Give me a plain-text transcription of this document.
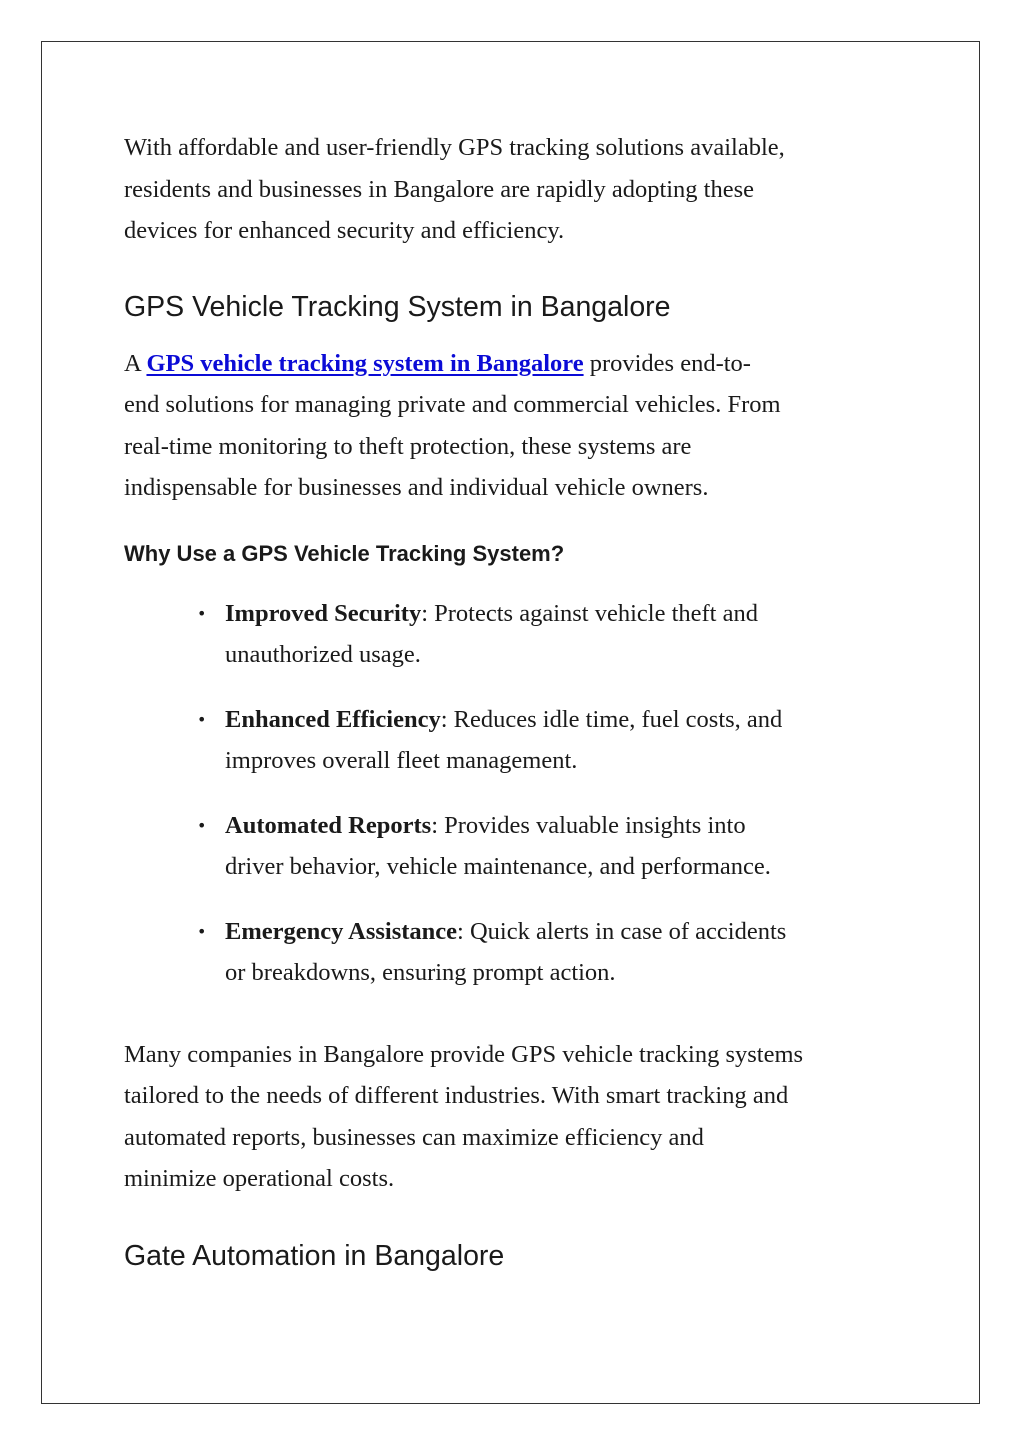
With affordable and user-friendly GPS tracking solutions available,
residents and businesses in Bangalore are rapidly adopting these
devices for enhanced security and efficiency.

GPS Vehicle Tracking System in Bangalore

A GPS vehicle tracking system in Bangalore provides end-to-
end solutions for managing private and commercial vehicles. From
real-time monitoring to theft protection, these systems are
indispensable for businesses and individual vehicle owners.

Why Use a GPS Vehicle Tracking System?
• Improved Security: Protects against vehicle theft and
unauthorized usage.
• Enhanced Efficiency: Reduces idle time, fuel costs, and
improves overall fleet management.
• Automated Reports: Provides valuable insights into
driver behavior, vehicle maintenance, and performance.
• Emergency Assistance: Quick alerts in case of accidents
or breakdowns, ensuring prompt action.

Many companies in Bangalore provide GPS vehicle tracking systems
tailored to the needs of different industries. With smart tracking and
automated reports, businesses can maximize efficiency and
minimize operational costs.

Gate Automation in Bangalore
